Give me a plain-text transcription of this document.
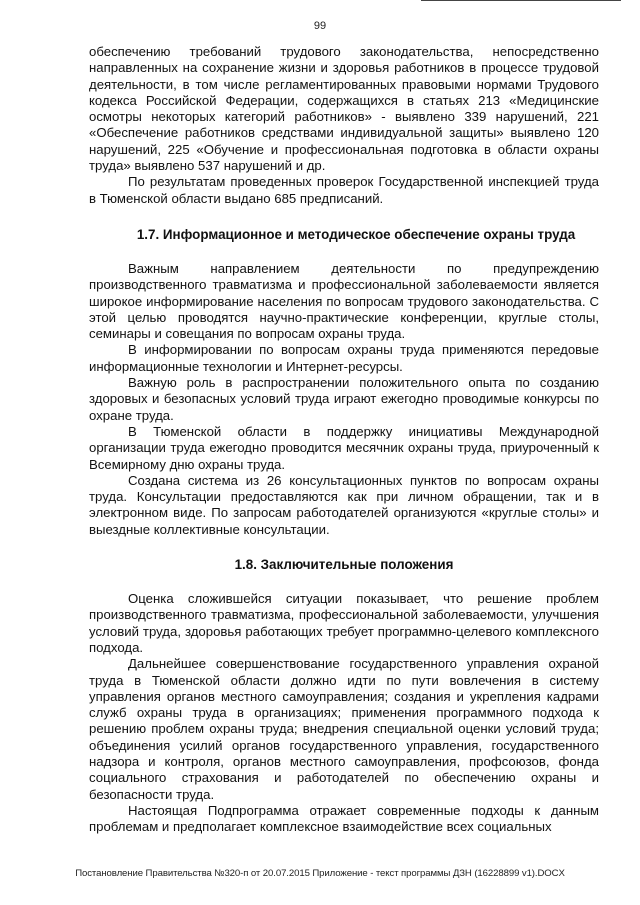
99

обеспечению требований трудового законодательства, непосредственно направленных на сохранение жизни и здоровья работников в процессе трудовой деятельности, в том числе регламентированных правовыми нормами Трудового кодекса Российской Федерации, содержащихся в статьях 213 «Медицинские осмотры некоторых категорий работников» - выявлено 339 нарушений, 221 «Обеспечение работников средствами индивидуальной защиты» выявлено 120 нарушений, 225 «Обучение и профессиональная подготовка в области охраны труда» выявлено 537 нарушений и др.

По результатам проведенных проверок Государственной инспекцией труда в Тюменской области выдано 685 предписаний.

1.7. Информационное и методическое обеспечение охраны труда

Важным направлением деятельности по предупреждению производственного травматизма и профессиональной заболеваемости является широкое информирование населения по вопросам трудового законодательства. С этой целью проводятся научно-практические конференции, круглые столы, семинары и совещания по вопросам охраны труда.

В информировании по вопросам охраны труда применяются передовые информационные технологии и Интернет-ресурсы.

Важную роль в распространении положительного опыта по созданию здоровых и безопасных условий труда играют ежегодно проводимые конкурсы по охране труда.

В Тюменской области в поддержку инициативы Международной организации труда ежегодно проводится месячник охраны труда, приуроченный к Всемирному дню охраны труда.

Создана система из 26 консультационных пунктов по вопросам охраны труда. Консультации предоставляются как при личном обращении, так и в электронном виде. По запросам работодателей организуются «круглые столы» и выездные коллективные консультации.

1.8. Заключительные положения

Оценка сложившейся ситуации показывает, что решение проблем производственного травматизма, профессиональной заболеваемости, улучшения условий труда, здоровья работающих требует программно-целевого комплексного подхода.

Дальнейшее совершенствование государственного управления охраной труда в Тюменской области должно идти по пути вовлечения в систему управления органов местного самоуправления; создания и укрепления кадрами служб охраны труда в организациях; применения программного подхода к решению проблем охраны труда; внедрения специальной оценки условий труда; объединения усилий органов государственного управления, государственного надзора и контроля, органов местного самоуправления, профсоюзов, фонда социального страхования и работодателей по обеспечению охраны и безопасности труда.

Настоящая Подпрограмма отражает современные подходы к данным проблемам и предполагает комплексное взаимодействие всех социальных

Постановление Правительства №320-п от 20.07.2015 Приложение - текст программы ДЗН (16228899 v1).DOCX
